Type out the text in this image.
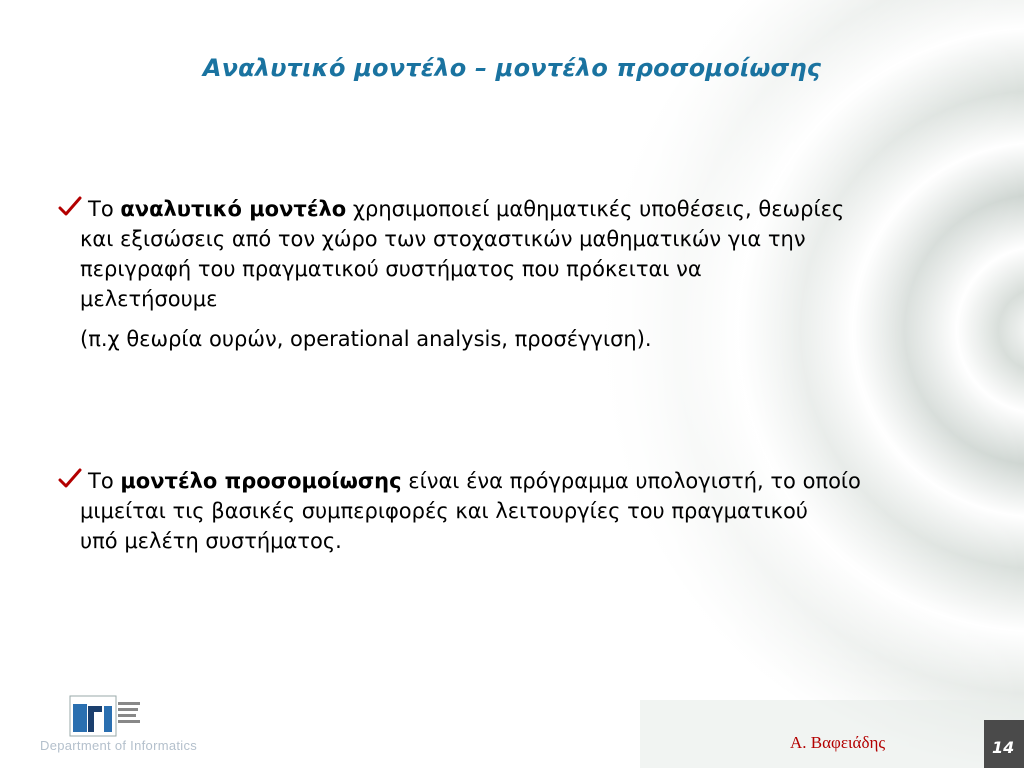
Αναλυτικό μοντέλο – μοντέλο προσομοίωσης
Το αναλυτικό μοντέλο χρησιμοποιεί μαθηματικές υποθέσεις, θεωρίες
και εξισώσεις από τον χώρο των στοχαστικών μαθηματικών για την
περιγραφή του πραγματικού συστήματος που πρόκειται να
μελετήσουμε
(π.χ θεωρία ουρών, operational analysis, προσέγγιση).
Το μοντέλο προσομοίωσης είναι ένα πρόγραμμα υπολογιστή, το οποίο
μιμείται τις βασικές συμπεριφορές και λειτουργίες του πραγματικού
υπό μελέτη συστήματος.
Department of Informatics	Α. Βαφειάδης	14
